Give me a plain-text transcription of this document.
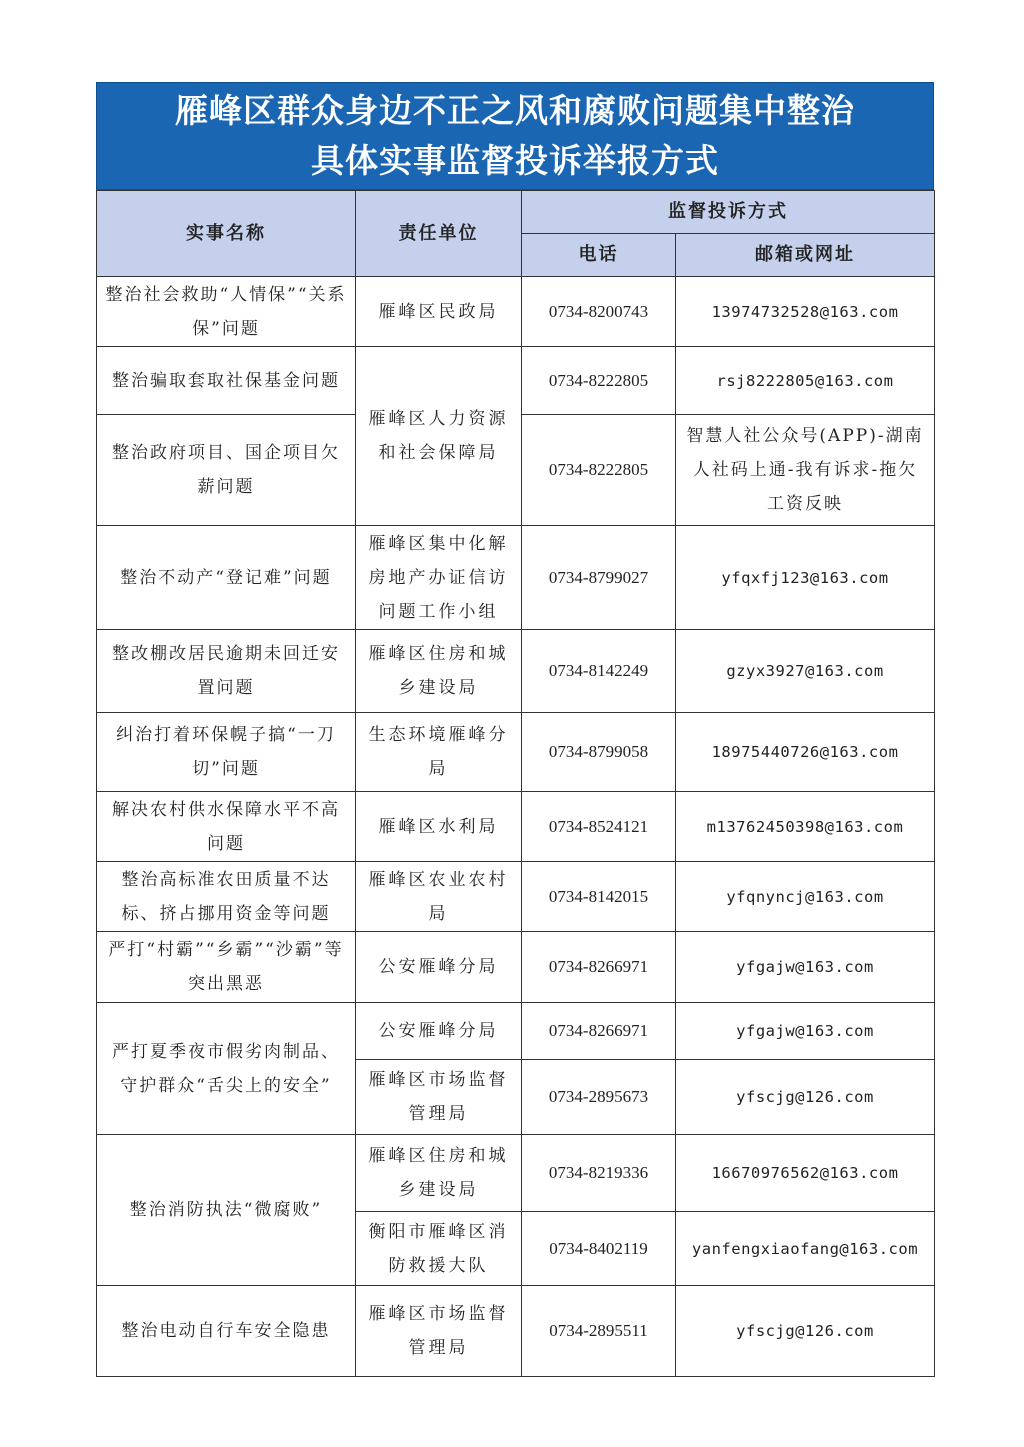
雁峰区群众身边不正之风和腐败问题集中整治
具体实事监督投诉举报方式
实事名称	责任单位	监督投诉方式	
		电话	邮箱或网址
整治社会救助“人情保”“关系保”问题	雁峰区民政局	0734-8200743	13974732528@163.com
整治骗取套取社保基金问题	雁峰区人力资源和社会保障局	0734-8222805	rsj8222805@163.com
整治政府项目、国企项目欠薪问题		0734-8222805	智慧人社公众号(APP)-湖南人社码上通-我有诉求-拖欠工资反映
整治不动产“登记难”问题	雁峰区集中化解房地产办证信访问题工作小组	0734-8799027	yfqxfj123@163.com
整改棚改居民逾期未回迁安置问题	雁峰区住房和城乡建设局	0734-8142249	gzyx3927@163.com
纠治打着环保幌子搞“一刀切”问题	生态环境雁峰分局	0734-8799058	18975440726@163.com
解决农村供水保障水平不高问题	雁峰区水利局	0734-8524121	m13762450398@163.com
整治高标准农田质量不达标、挤占挪用资金等问题	雁峰区农业农村局	0734-8142015	yfqnyncj@163.com
严打“村霸”“乡霸”“沙霸”等突出黑恶	公安雁峰分局	0734-8266971	yfgajw@163.com
严打夏季夜市假劣肉制品、守护群众“舌尖上的安全”	公安雁峰分局	0734-8266971	yfgajw@163.com
	雁峰区市场监督管理局	0734-2895673	yfscjg@126.com
整治消防执法“微腐败”	雁峰区住房和城乡建设局	0734-8219336	16670976562@163.com
	衡阳市雁峰区消防救援大队	0734-8402119	yanfengxiaofang@163.com
整治电动自行车安全隐患	雁峰区市场监督管理局	0734-2895511	yfscjg@126.com
